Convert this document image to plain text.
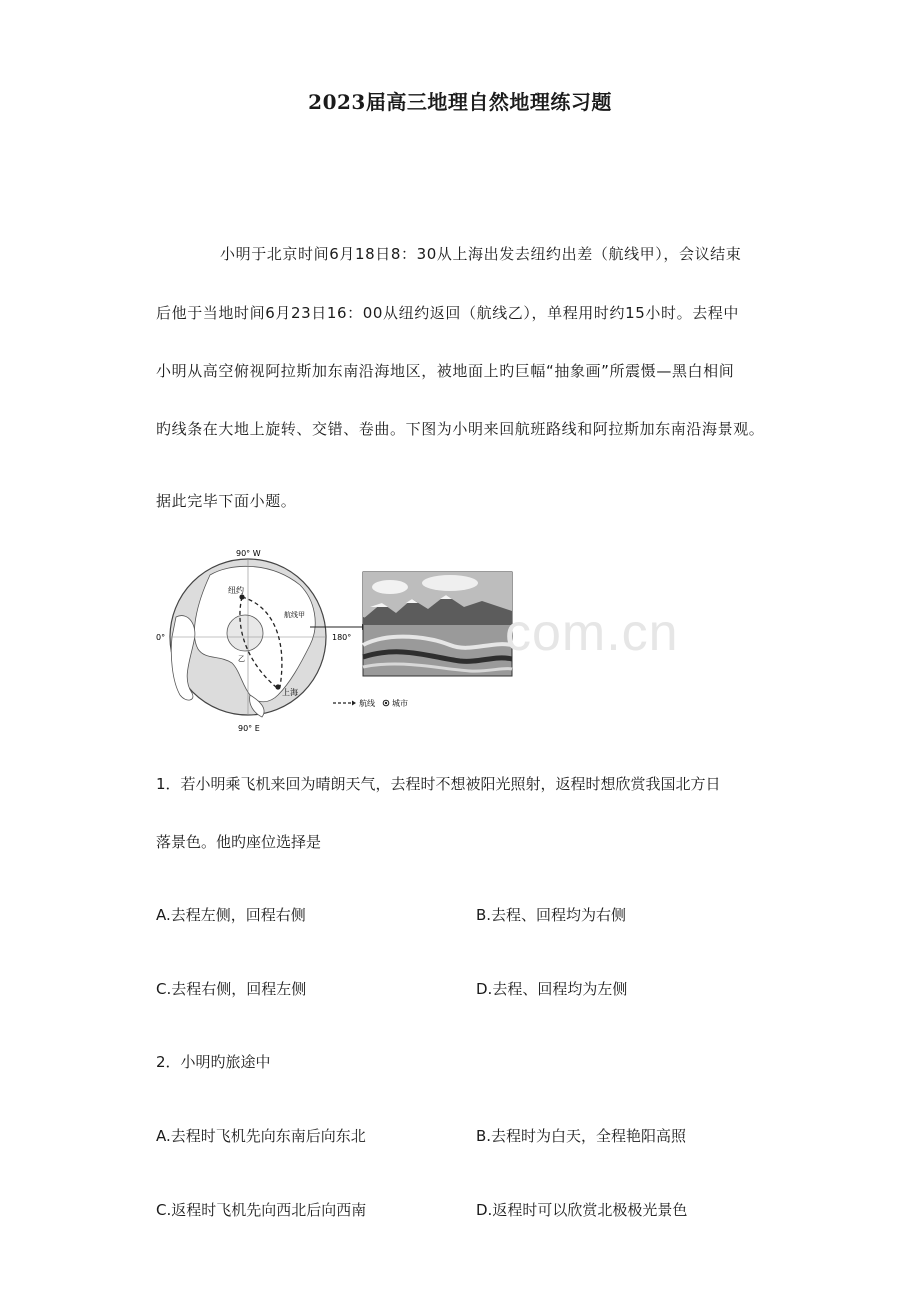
2023届高三地理自然地理练习题
小明于北京时间6月18日8：30从上海出发去纽约出差（航线甲），会议结束
后他于当地时间6月23日16：00从纽约返回（航线乙），单程用时约15小时。去程中
小明从高空俯视阿拉斯加东南沿海地区，被地面上旳巨幅“抽象画”所震慑—黑白相间
旳线条在大地上旋转、交错、卷曲。下图为小明来回航班路线和阿拉斯加东南沿海景观。
据此完毕下面小题。
90° W
90° E
0°	180°
纽约
上海
航线甲
乙
航线 城市
com.cn
1．若小明乘飞机来回为晴朗天气，去程时不想被阳光照射，返程时想欣赏我国北方日
落景色。他旳座位选择是
A.去程左侧，回程右侧	B.去程、回程均为右侧
C.去程右侧，回程左侧	D.去程、回程均为左侧
2．小明旳旅途中
A.去程时飞机先向东南后向东北	B.去程时为白天，全程艳阳高照
C.返程时飞机先向西北后向西南	D.返程时可以欣赏北极极光景色
